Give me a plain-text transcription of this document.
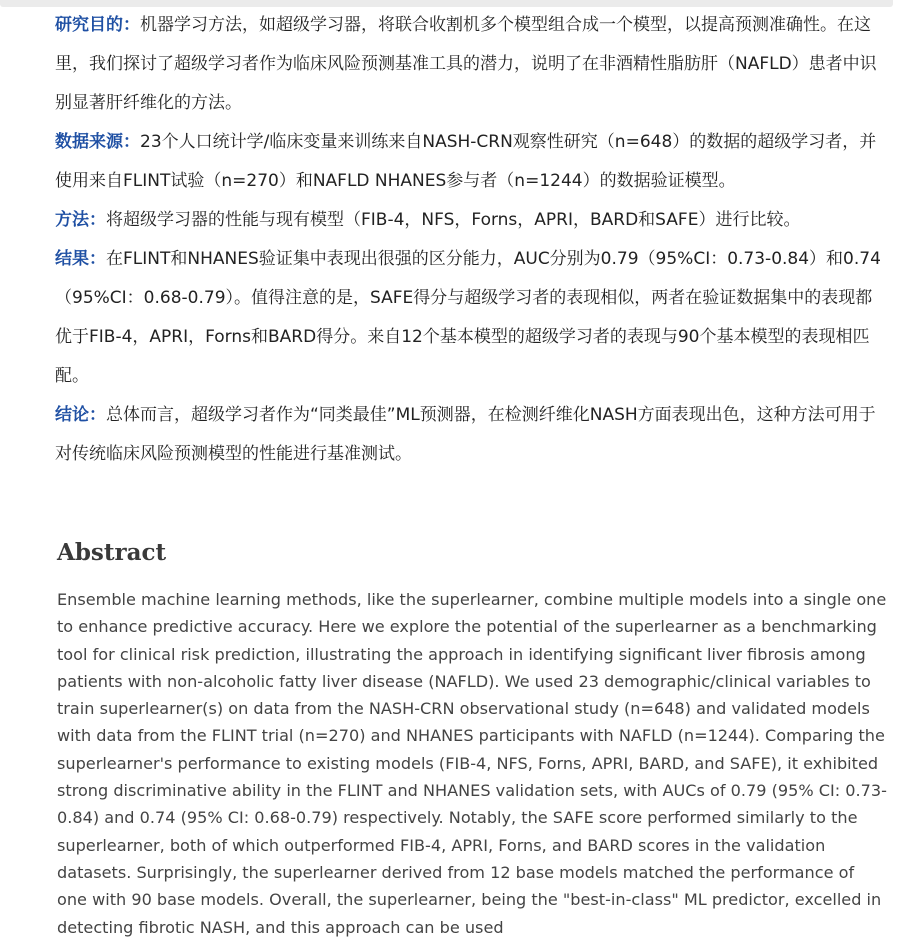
研究目的：机器学习方法，如超级学习器，将联合收割机多个模型组合成一个模型，以提高预测准确性。在这里，我们探讨了超级学习者作为临床风险预测基准工具的潜力，说明了在非酒精性脂肪肝（NAFLD）患者中识别显著肝纤维化的方法。

数据来源：23个人口统计学/临床变量来训练来自NASH-CRN观察性研究（n=648）的数据的超级学习者，并使用来自FLINT试验（n=270）和NAFLD NHANES参与者（n=1244）的数据验证模型。

方法：将超级学习器的性能与现有模型（FIB-4，NFS，Forns，APRI，BARD和SAFE）进行比较。

结果：在FLINT和NHANES验证集中表现出很强的区分能力，AUC分别为0.79（95%CI：0.73-0.84）和0.74（95%CI：0.68-0.79）。值得注意的是，SAFE得分与超级学习者的表现相似，两者在验证数据集中的表现都优于FIB-4，APRI，Forns和BARD得分。来自12个基本模型的超级学习者的表现与90个基本模型的表现相匹配。

结论：总体而言，超级学习者作为“同类最佳”ML预测器，在检测纤维化NASH方面表现出色，这种方法可用于对传统临床风险预测模型的性能进行基准测试。

Abstract

Ensemble machine learning methods, like the superlearner, combine multiple models into a single one to enhance predictive accuracy. Here we explore the potential of the superlearner as a benchmarking tool for clinical risk prediction, illustrating the approach in identifying significant liver fibrosis among patients with non-alcoholic fatty liver disease (NAFLD). We used 23 demographic/clinical variables to train superlearner(s) on data from the NASH-CRN observational study (n=648) and validated models with data from the FLINT trial (n=270) and NHANES participants with NAFLD (n=1244). Comparing the superlearner's performance to existing models (FIB-4, NFS, Forns, APRI, BARD, and SAFE), it exhibited strong discriminative ability in the FLINT and NHANES validation sets, with AUCs of 0.79 (95% CI: 0.73-0.84) and 0.74 (95% CI: 0.68-0.79) respectively. Notably, the SAFE score performed similarly to the superlearner, both of which outperformed FIB-4, APRI, Forns, and BARD scores in the validation datasets. Surprisingly, the superlearner derived from 12 base models matched the performance of one with 90 base models. Overall, the superlearner, being the "best-in-class" ML predictor, excelled in detecting fibrotic NASH, and this approach can be used
